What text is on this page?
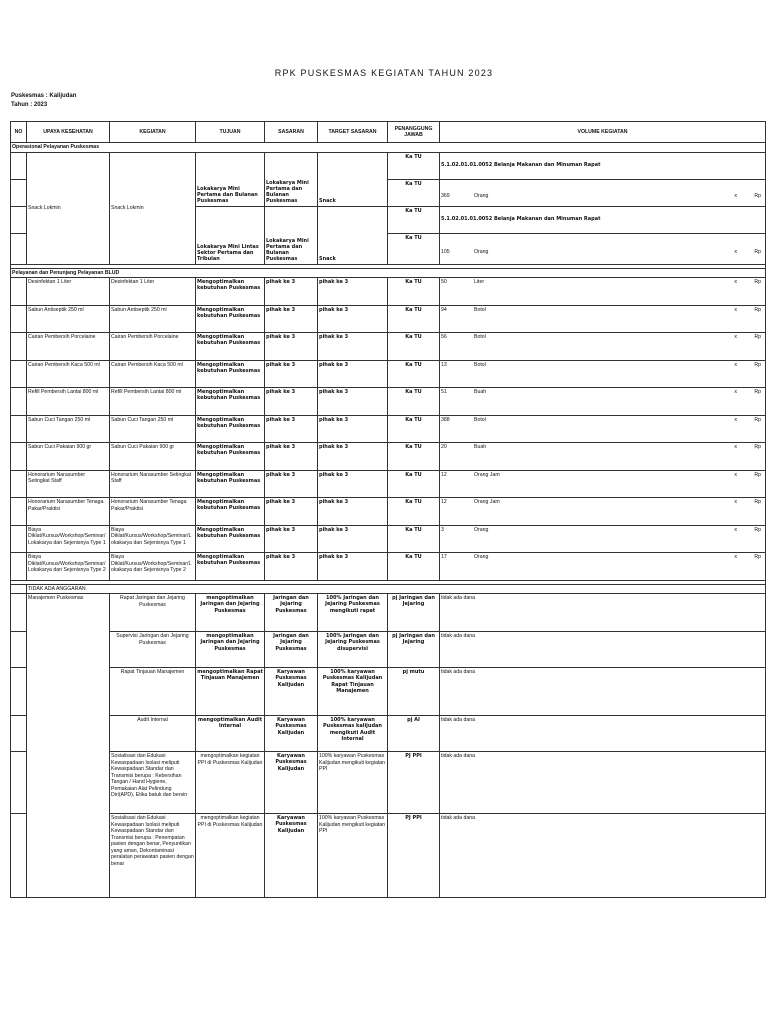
RPK PUSKESMAS KEGIATAN TAHUN 2023
Puskesmas : Kalijudan
Tahun : 2023
NO	UPAYA KESEHATAN	KEGIATAN	TUJUAN	SASARAN	TARGET SASARAN	PENANGGUNG JAWAB	VOLUME KEGIATAN
Operasional Pelayanan Puskesmas							
	Snack Lokmin	Snack Lokmin	Lokakarya Mini Pertama dan Bulanan Puskesmas	Lokakarya Mini Pertama dan Bulanan Puskesmas	Snack	Ka TU	5.1.02.01.01.0052 Belanja Makanan dan Minuman Rapat
						Ka TU	369 Orang x Rp

			Lokakarya Mini Lintas Sektor Pertama dan Tribulan	Lokakarya Mini Pertama dan Bulanan Puskesmas	Snack	Ka TU	5.1.02.01.01.0052 Belanja Makanan dan Minuman Rapat
						Ka TU	105 Orang x Rp

Pelayanan dan Penunjang Pelayanan BLUD							
	Desinfektan 1 Liter	Desinfektan 1 Liter	Mengoptimalkan kebutuhan Puskesmas	pihak ke 3	pihak ke 3	Ka TU	50 Liter x Rp

	Sabun Antiseptik 250 ml	Sabun Antiseptik 250 ml	Mengoptimalkan kebutuhan Puskesmas	pihak ke 3	pihak ke 3	Ka TU	94 Botol x Rp

	Cairan Pembersih Porcelaine	Cairan Pembersih Porcelaine	Mengoptimalkan kebutuhan Puskesmas	pihak ke 3	pihak ke 3	Ka TU	56 Botol x Rp

	Cairan Pembersih Kaca 500 ml	Cairan Pembersih Kaca 500 ml	Mengoptimalkan kebutuhan Puskesmas	pihak ke 3	pihak ke 3	Ka TU	13 Botol x Rp

	Refill Pembersih Lantai 800 ml	Refill Pembersih Lantai 800 ml	Mengoptimalkan kebutuhan Puskesmas	pihak ke 3	pihak ke 3	Ka TU	51 Buah x Rp

	Sabun Cuci Tangan 250 ml	Sabun Cuci Tangan 250 ml	Mengoptimalkan kebutuhan Puskesmas	pihak ke 3	pihak ke 3	Ka TU	388 Botol x Rp

	Sabun Cuci Pakaian 900 gr	Sabun Cuci Pakaian 900 gr	Mengoptimalkan kebutuhan Puskesmas	pihak ke 3	pihak ke 3	Ka TU	20 Buah x Rp

	Honorarium Narasumber Setingkat Staff	Honorarium Narasumber Setingkat Staff	Mengoptimalkan kebutuhan Puskesmas	pihak ke 3	pihak ke 3	Ka TU	12 Orang Jam x Rp

	Honorarium Narasumber Tenaga Pakar/Praktisi	Honorarium Narasumber Tenaga Pakar/Praktisi	Mengoptimalkan kebutuhan Puskesmas	pihak ke 3	pihak ke 3	Ka TU	12 Orang Jam x Rp

	Biaya Diklat/Kursus/Workshop/Seminar/Lokakarya dan Sejenisnya Type 1	Biaya Diklat/Kursus/Workshop/Seminar/Lokakarya dan Sejenisnya Type 1	Mengoptimalkan kebutuhan Puskesmas	pihak ke 3	pihak ke 3	Ka TU	3 Orang x Rp

	Biaya Diklat/Kursus/Workshop/Seminar/Lokakarya dan Sejenisnya Type 2	Biaya Diklat/Kursus/Workshop/Seminar/Lokakarya dan Sejenisnya Type 2	Mengoptimalkan kebutuhan Puskesmas	pihak ke 3	pihak ke 3	Ka TU	17 Orang x Rp

	TIDAK ADA ANGGARAN						
	Manajemen Puskesmas	Rapat Jaringan dan Jejaring Puskesmas	mengoptimalkan Jaringan dan Jejaring Puskesmas	Jaringan dan Jejaring Puskesmas	100% Jaringan dan Jejaring Puskesmas mengikuti rapat	pj Jaringan dan Jejaring	tidak ada dana
		Supervisi Jaringan dan Jejaring Puskesmas	mengoptimalkan Jaringan dan Jejaring Puskesmas	Jaringan dan Jejaring Puskesmas	100% Jaringan dan Jejaring Puskesmas disupervisi	pj Jaringan dan Jejaring	tidak ada dana
		Rapat Tinjauan Manajemen	mengoptimalkan Rapat Tinjauan Manajemen	Karyawan Puskesmas Kalijudan	100% karyawan Puskesmas Kalijudan Rapat Tinjauan Manajemen	pj mutu	tidak ada dana
		Audit Internal	mengoptimalkan Audit Internal	Karyawan Puskesmas Kalijudan	100% karyawan Puskesmas kalijudan mengikuti Audit Internal	pj AI	tidak ada dana
		Sosialisasi dan Edukasi Kewaspadaan Isolasi meliputi Kewaspadaan Standar dan Transmisi berupa : Kebersihan Tangan / Hand Hygiene, Pemakaian Alat Pelindung Diri(APD), Etika batuk dan bersin	mengoptimalkan kegiatan PPI di Puskesmas Kalijudan	Karyawan Puskesmas Kalijudan	100% karyawan Puskesmas Kalijudan mengikuti kegiatan PPI	PJ PPI	tidak ada dana
		Sosialisasi dan Edukasi Kewaspadaan Isolasi meliputi Kewaspadaan Standar dan Transmisi berupa : Penempatan pasien dengan benar, Penyuntikan yang aman, Dekontaminasi peralatan perawatan pasien dengan benar	mengoptimalkan kegiatan PPI di Puskesmas Kalijudan	Karyawan Puskesmas Kalijudan	100% karyawan Puskesmas Kalijudan mengikuti kegiatan PPI	PJ PPI	tidak ada dana
